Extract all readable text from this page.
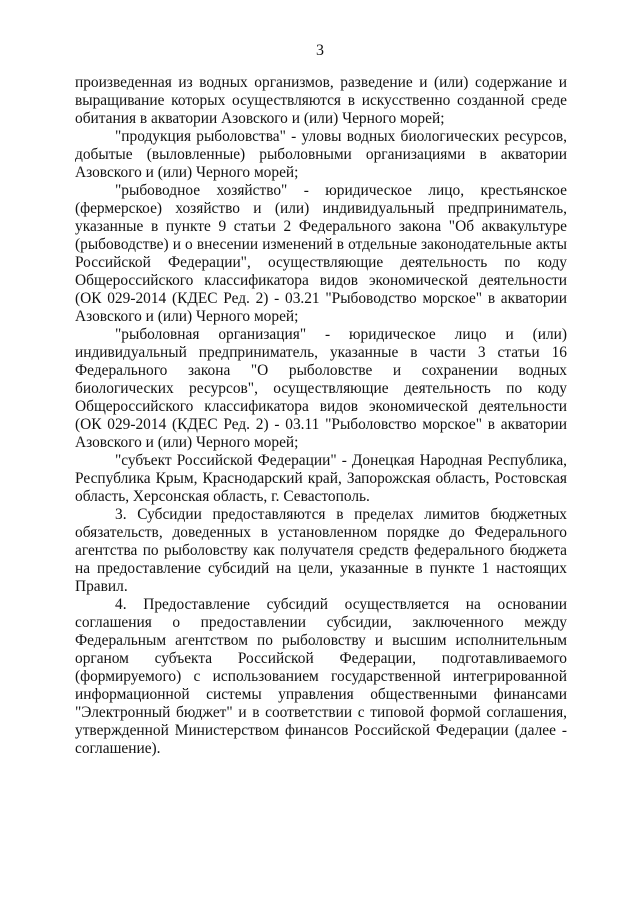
3

произведенная из водных организмов, разведение и (или) содержание и выращивание которых осуществляются в искусственно созданной среде обитания в акватории Азовского и (или) Черного морей;

"продукция рыболовства" - уловы водных биологических ресурсов, добытые (выловленные) рыболовными организациями в акватории Азовского и (или) Черного морей;

"рыбоводное хозяйство" - юридическое лицо, крестьянское (фермерское) хозяйство и (или) индивидуальный предприниматель, указанные в пункте 9 статьи 2 Федерального закона "Об аквакультуре (рыбоводстве) и о внесении изменений в отдельные законодательные акты Российской Федерации", осуществляющие деятельность по коду Общероссийского классификатора видов экономической деятельности (ОК 029-2014 (КДЕС Ред. 2) - 03.21 "Рыбоводство морское" в акватории Азовского и (или) Черного морей;

"рыболовная организация" - юридическое лицо и (или) индивидуальный предприниматель, указанные в части 3 статьи 16 Федерального закона "О рыболовстве и сохранении водных биологических ресурсов", осуществляющие деятельность по коду Общероссийского классификатора видов экономической деятельности (ОК 029-2014 (КДЕС Ред. 2) - 03.11 "Рыболовство морское" в акватории Азовского и (или) Черного морей;

"субъект Российской Федерации" - Донецкая Народная Республика, Республика Крым, Краснодарский край, Запорожская область, Ростовская область, Херсонская область, г. Севастополь.

3. Субсидии предоставляются в пределах лимитов бюджетных обязательств, доведенных в установленном порядке до Федерального агентства по рыболовству как получателя средств федерального бюджета на предоставление субсидий на цели, указанные в пункте 1 настоящих Правил.

4. Предоставление субсидий осуществляется на основании соглашения о предоставлении субсидии, заключенного между Федеральным агентством по рыболовству и высшим исполнительным органом субъекта Российской Федерации, подготавливаемого (формируемого) с использованием государственной интегрированной информационной системы управления общественными финансами "Электронный бюджет" и в соответствии с типовой формой соглашения, утвержденной Министерством финансов Российской Федерации (далее - соглашение).
